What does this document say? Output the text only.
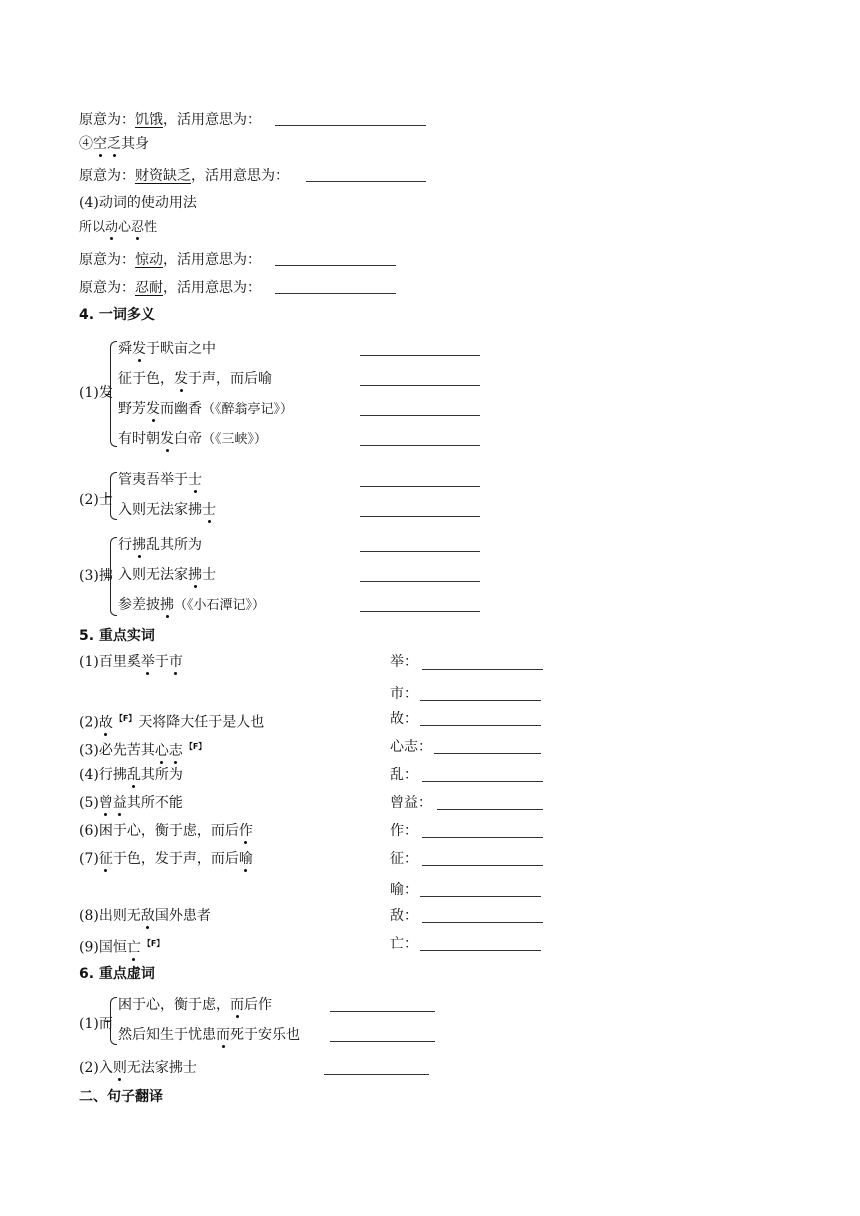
原意为：饥饿，活用意思为：
④空乏其身
原意为：财资缺乏，活用意思为：
(4)动词的使动用法
所以动心忍性
原意为：惊动，活用意思为：
原意为：忍耐，活用意思为：
4. 一词多义
(1)发
舜发于畎亩之中
征于色，发于声，而后喻
野芳发而幽香（《醉翁亭记》）
有时朝发白帝（《三峡》）
(2)士
管夷吾举于士
入则无法家拂士
(3)拂
行拂乱其所为
入则无法家拂士
参差披拂（《小石潭记》）
5. 重点实词
(1)百里奚举于市	举：
市：
(2)故 $^{【F】}$ 天将降大任于是人也	故：
(3)必先苦其心志 $^{【F】}$	心志：
(4)行拂乱其所为	乱：
(5)曾益其所不能	曾益：
(6)困于心，衡于虑，而后作	作：
(7)征于色，发于声，而后喻	征：
喻：
(8)出则无敌国外患者	敌：
(9)国恒亡 $^{【F】}$	亡：
6. 重点虚词
(1)而
困于心，衡于虑，而后作
然后知生于忧患而死于安乐也
(2)入则无法家拂士
二、句子翻译
